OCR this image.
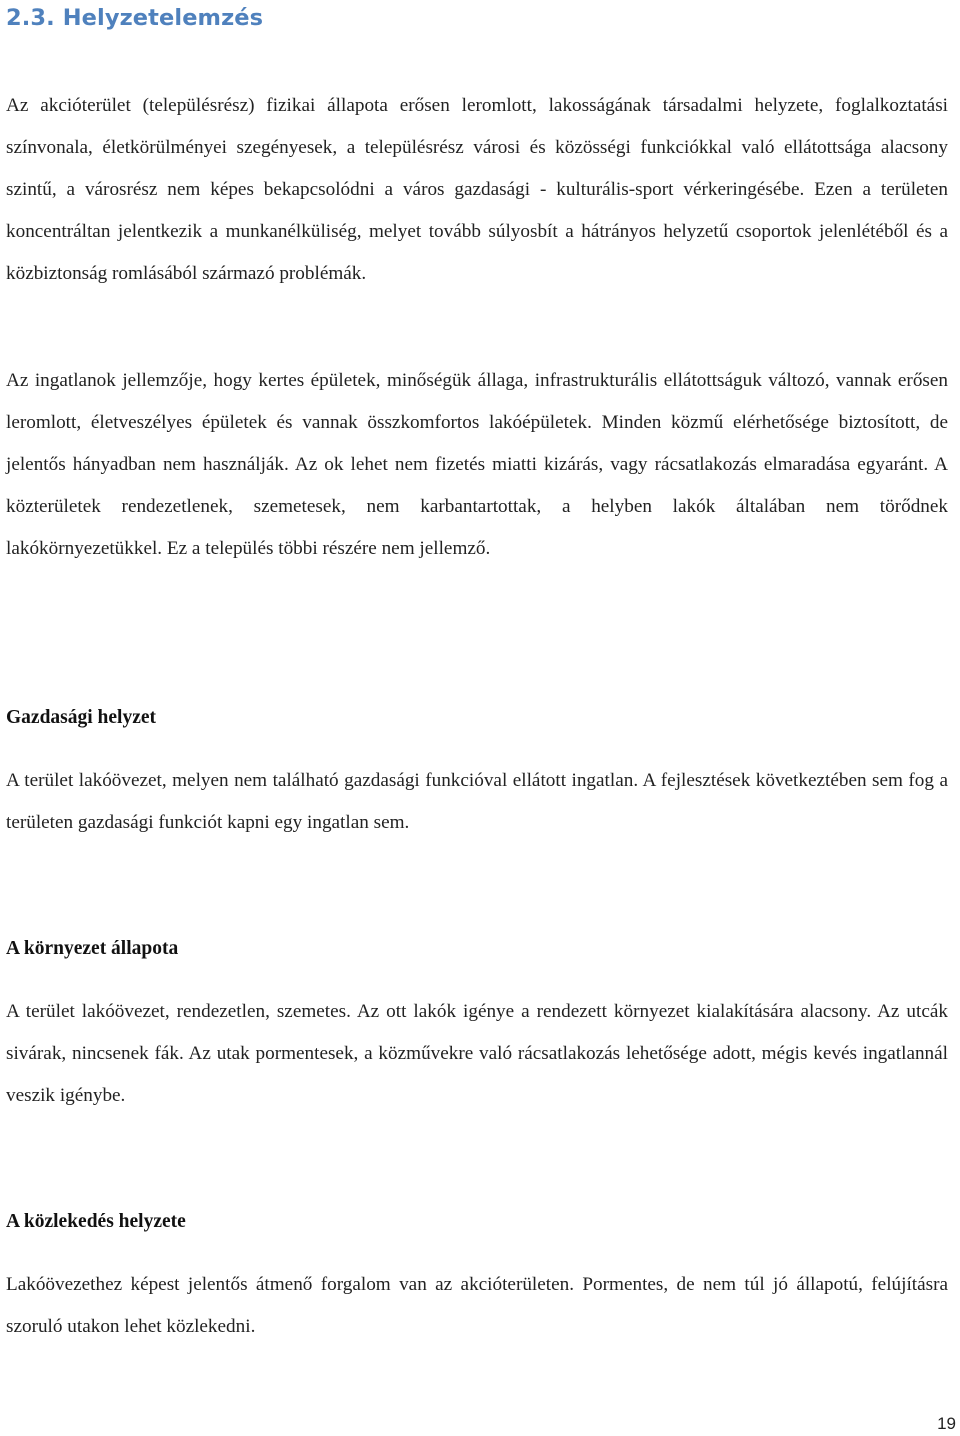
2.3. Helyzetelemzés

Az akcióterület (településrész) fizikai állapota erősen leromlott, lakosságának társadalmi helyzete, foglalkoztatási színvonala, életkörülményei szegényesek, a településrész városi és közösségi funkciókkal való ellátottsága alacsony szintű, a városrész nem képes bekapcsolódni a város gazdasági - kulturális-sport vérkeringésébe. Ezen a területen koncentráltan jelentkezik a munkanélküliség, melyet tovább súlyosbít a hátrányos helyzetű csoportok jelenlétéből és a közbiztonság romlásából származó problémák.

Az ingatlanok jellemzője, hogy kertes épületek, minőségük állaga, infrastrukturális ellátottságuk változó, vannak erősen leromlott, életveszélyes épületek és vannak összkomfortos lakóépületek. Minden közmű elérhetősége biztosított, de jelentős hányadban nem használják. Az ok lehet nem fizetés miatti kizárás, vagy rácsatlakozás elmaradása egyaránt. A közterületek rendezetlenek, szemetesek, nem karbantartottak, a helyben lakók általában nem törődnek lakókörnyezetükkel. Ez a település többi részére nem jellemző.

Gazdasági helyzet

A terület lakóövezet, melyen nem található gazdasági funkcióval ellátott ingatlan. A fejlesztések következtében sem fog a területen gazdasági funkciót kapni egy ingatlan sem.

A környezet állapota

A terület lakóövezet, rendezetlen, szemetes. Az ott lakók igénye a rendezett környezet kialakítására alacsony. Az utcák sivárak, nincsenek fák. Az utak pormentesek, a közművekre való rácsatlakozás lehetősége adott, mégis kevés ingatlannál veszik igénybe.

A közlekedés helyzete

Lakóövezethez képest jelentős átmenő forgalom van az akcióterületen. Pormentes, de nem túl jó állapotú, felújításra szoruló utakon lehet közlekedni.

19
